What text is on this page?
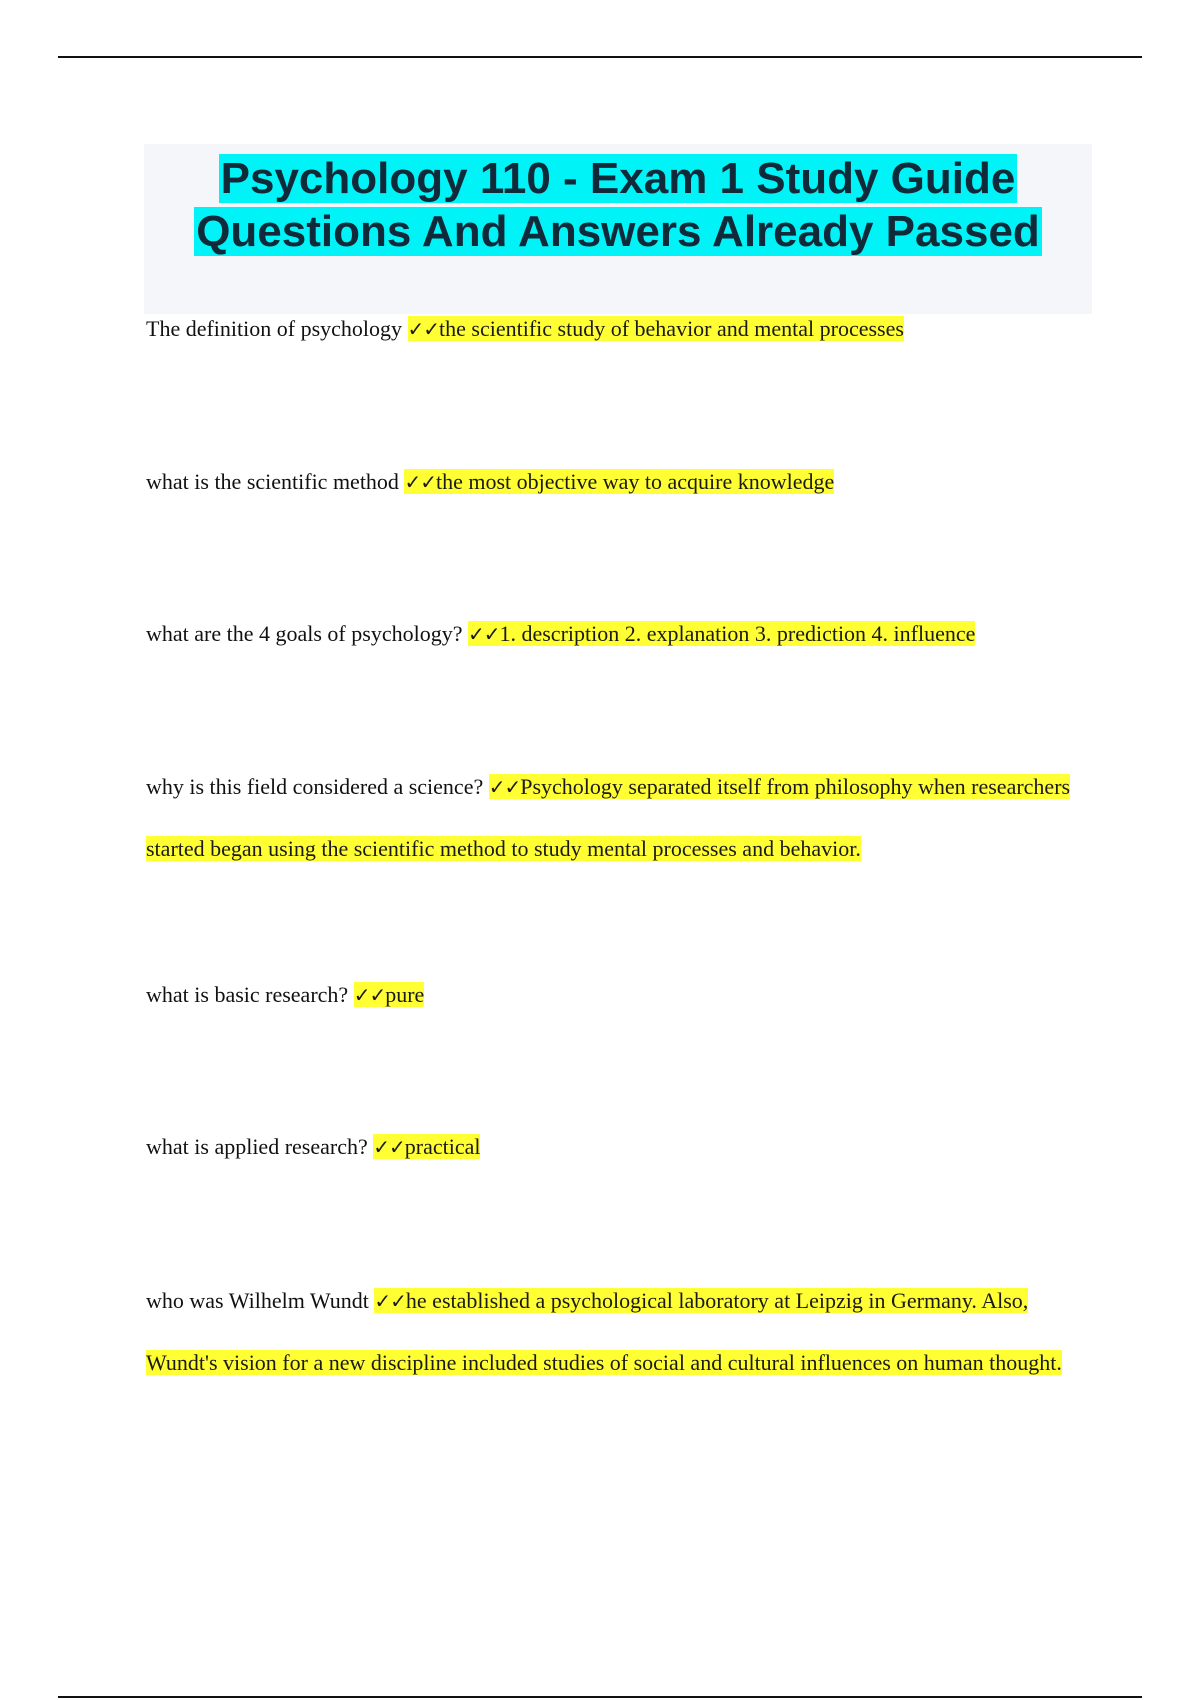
Psychology 110 - Exam 1 Study Guide
Questions And Answers Already Passed

The definition of psychology ✓✓the scientific study of behavior and mental processes

what is the scientific method ✓✓the most objective way to acquire knowledge

what are the 4 goals of psychology? ✓✓1. description 2. explanation 3. prediction 4. influence

why is this field considered a science? ✓✓Psychology separated itself from philosophy when researchers started began using the scientific method to study mental processes and behavior.

what is basic research? ✓✓pure

what is applied research? ✓✓practical

who was Wilhelm Wundt ✓✓he established a psychological laboratory at Leipzig in Germany. Also, Wundt's vision for a new discipline included studies of social and cultural influences on human thought.
